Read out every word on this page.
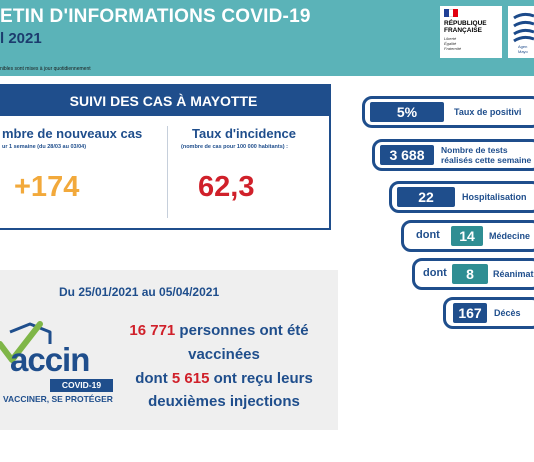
ETIN D'INFORMATIONS COVID-19
l 2021
nibles sont mises à jour quotidiennement
RÉPUBLIQUE
FRANÇAISE
Liberté
Égalité
Fraternité	Agen
Mayo
SUIVI DES CAS À MAYOTTE
mbre de nouveaux cas
ur 1 semaine (du 28/03 au 03/04)
+174
Taux d'incidence
(nombre de cas pour 100 000 habitants) :
62,3
5%	Taux de positivi
3 688	Nombre de tests
réalisés cette semaine
22	Hospitalisation
dont	14	Médecine
dont	8	Réanimat
167	Décès
Du 25/01/2021 au 05/04/2021
accin
COVID-19
VACCINER, SE PROTÉGER
16 771 personnes ont été
vaccinées
dont 5 615 ont reçu leurs
deuxièmes injections
